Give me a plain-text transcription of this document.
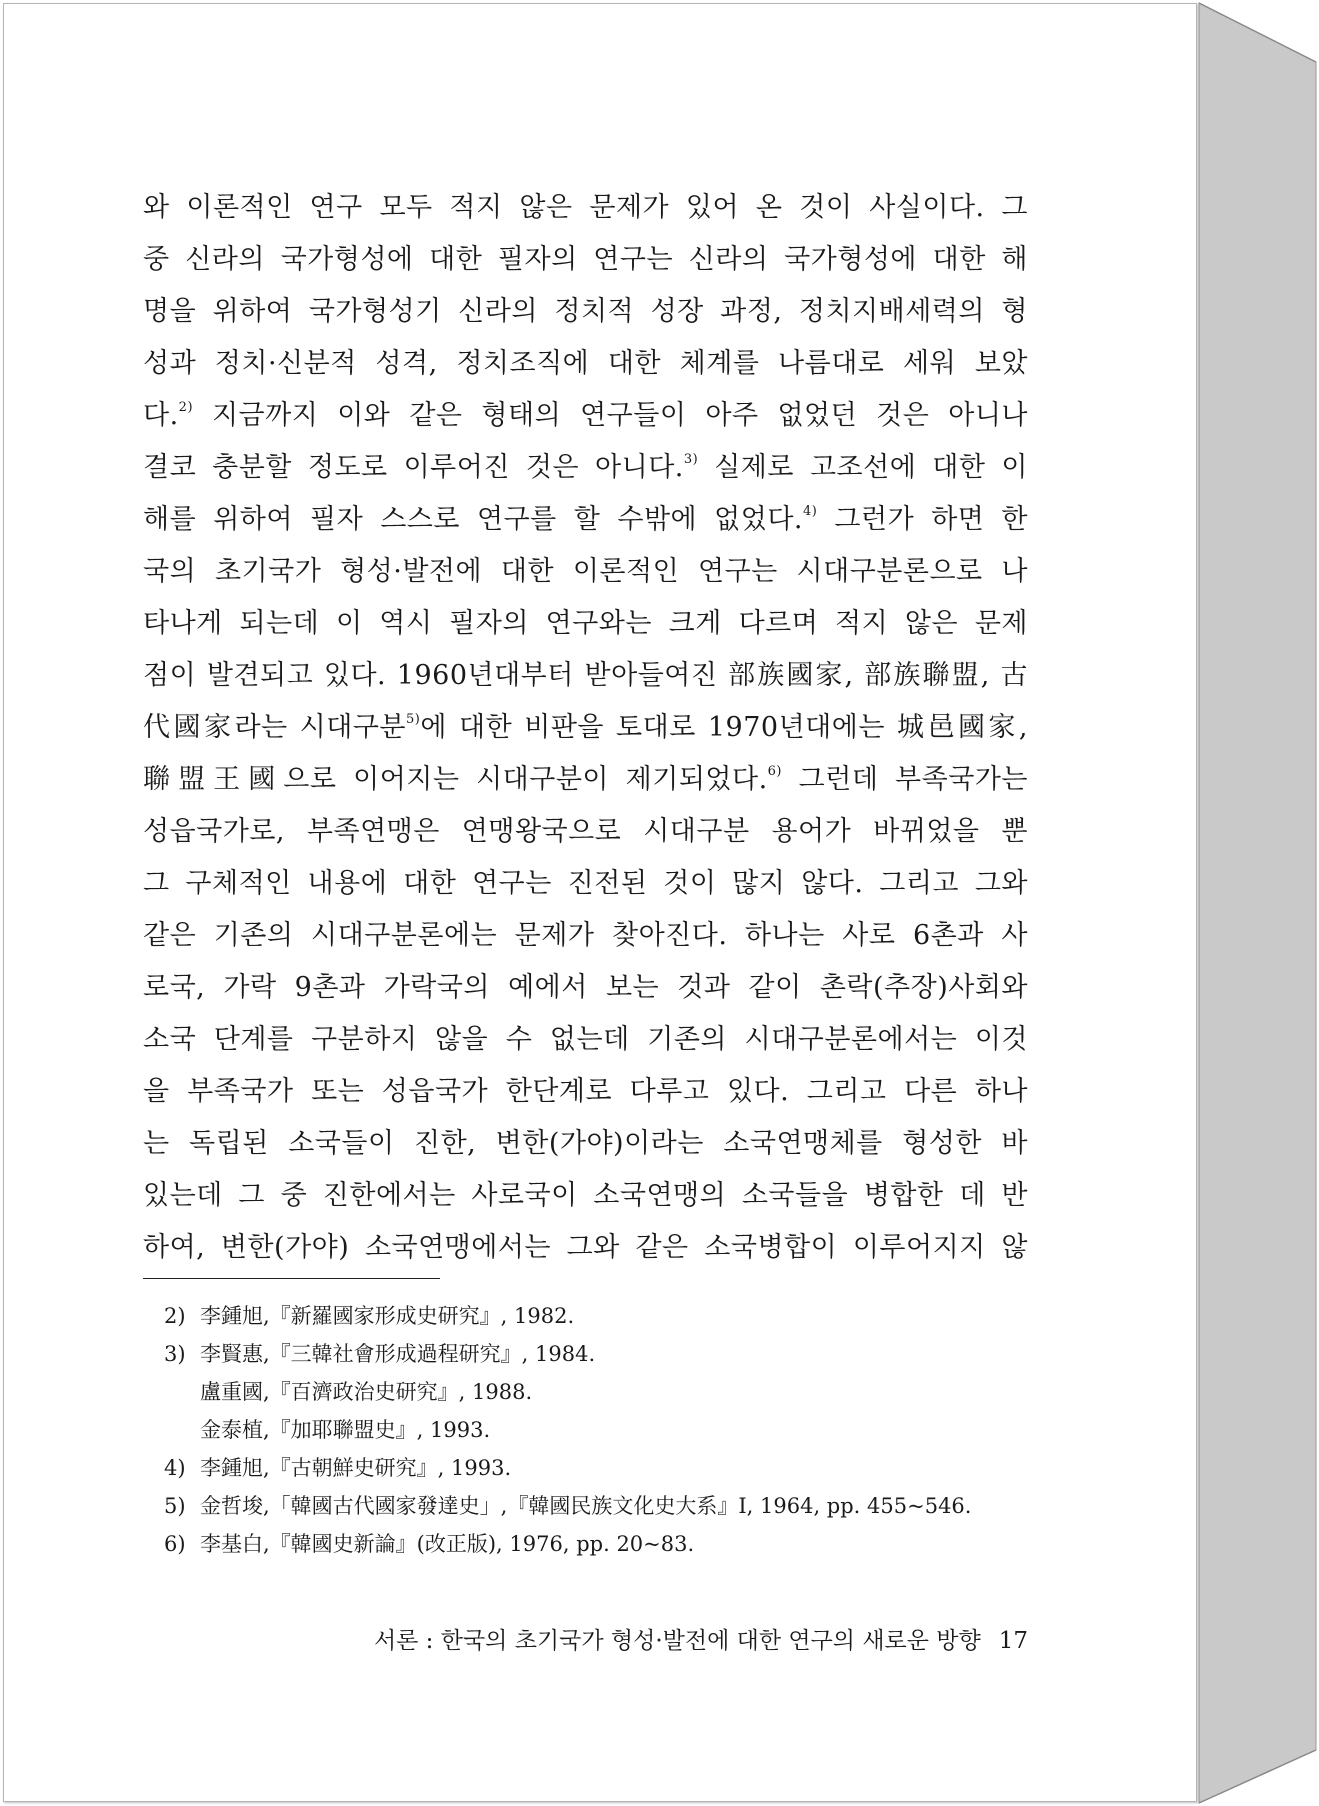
와 이론적인 연구 모두 적지 않은 문제가 있어 온 것이 사실이다. 그
중 신라의 국가형성에 대한 필자의 연구는 신라의 국가형성에 대한 해
명을 위하여 국가형성기 신라의 정치적 성장 과정, 정치지배세력의 형
성과 정치·신분적 성격, 정치조직에 대한 체계를 나름대로 세워 보았
다.$^{2)}$ 지금까지 이와 같은 형태의 연구들이 아주 없었던 것은 아니나
결코 충분할 정도로 이루어진 것은 아니다.$^{3)}$ 실제로 고조선에 대한 이
해를 위하여 필자 스스로 연구를 할 수밖에 없었다.$^{4)}$ 그런가 하면 한
국의 초기국가 형성·발전에 대한 이론적인 연구는 시대구분론으로 나
타나게 되는데 이 역시 필자의 연구와는 크게 다르며 적지 않은 문제
점이 발견되고 있다. 1960년대부터 받아들여진 部族國家, 部族聯盟, 古
代國家라는 시대구분$^{5)}$에 대한 비판을 토대로 1970년대에는 城邑國家,
聯盟王國으로 이어지는 시대구분이 제기되었다.$^{6)}$ 그런데 부족국가는
성읍국가로, 부족연맹은 연맹왕국으로 시대구분 용어가 바뀌었을 뿐
그 구체적인 내용에 대한 연구는 진전된 것이 많지 않다. 그리고 그와
같은 기존의 시대구분론에는 문제가 찾아진다. 하나는 사로 6촌과 사
로국, 가락 9촌과 가락국의 예에서 보는 것과 같이 촌락(추장)사회와
소국 단계를 구분하지 않을 수 없는데 기존의 시대구분론에서는 이것
을 부족국가 또는 성읍국가 한단계로 다루고 있다. 그리고 다른 하나
는 독립된 소국들이 진한, 변한(가야)이라는 소국연맹체를 형성한 바
있는데 그 중 진한에서는 사로국이 소국연맹의 소국들을 병합한 데 반
하여, 변한(가야) 소국연맹에서는 그와 같은 소국병합이 이루어지지 않
2) 李鍾旭,『新羅國家形成史研究』, 1982.
3) 李賢惠,『三韓社會形成過程研究』, 1984.
盧重國,『百濟政治史研究』, 1988.
金泰植,『加耶聯盟史』, 1993.
4) 李鍾旭,『古朝鮮史研究』, 1993.
5) 金哲埈,「韓國古代國家發達史」,『韓國民族文化史大系』I, 1964, pp. 455~546.
6) 李基白,『韓國史新論』(改正版), 1976, pp. 20~83.
서론 : 한국의 초기국가 형성·발전에 대한 연구의 새로운 방향 17
